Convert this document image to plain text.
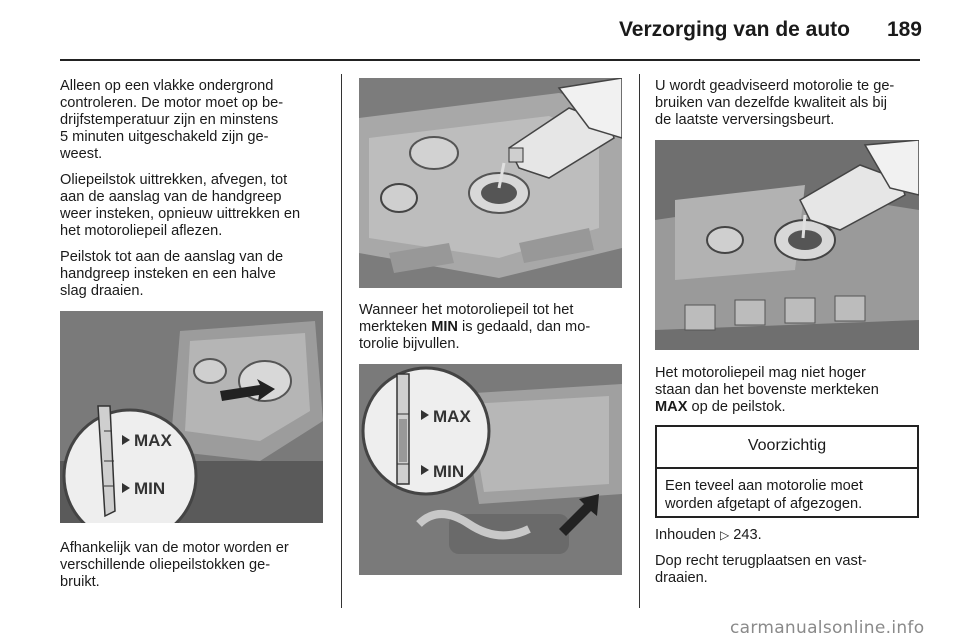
Verzorging van de auto	189
Alleen op een vlakke ondergrond
controleren. De motor moet op be-
drijfstemperatuur zijn en minstens
5 minuten uitgeschakeld zijn ge-
weest.
Oliepeilstok uittrekken, afvegen, tot
aan de aanslag van de handgreep
weer insteken, opnieuw uittrekken en
het motoroliepeil aflezen.
Peilstok tot aan de aanslag van de
handgreep insteken en een halve
slag draaien.
MAX
MIN
Afhankelijk van de motor worden er
verschillende oliepeilstokken ge-
bruikt.
Wanneer het motoroliepeil tot het
merkteken MIN is gedaald, dan mo-
torolie bijvullen.
MAX
MIN
U wordt geadviseerd motorolie te ge-
bruiken van dezelfde kwaliteit als bij
de laatste verversingsbeurt.
Het motoroliepeil mag niet hoger
staan dan het bovenste merkteken
MAX op de peilstok.
Voorzichtig
Een teveel aan motorolie moet
worden afgetapt of afgezogen.
Inhouden ▷ 243.
Dop recht terugplaatsen en vast-
draaien.
carmanualsonline.info
